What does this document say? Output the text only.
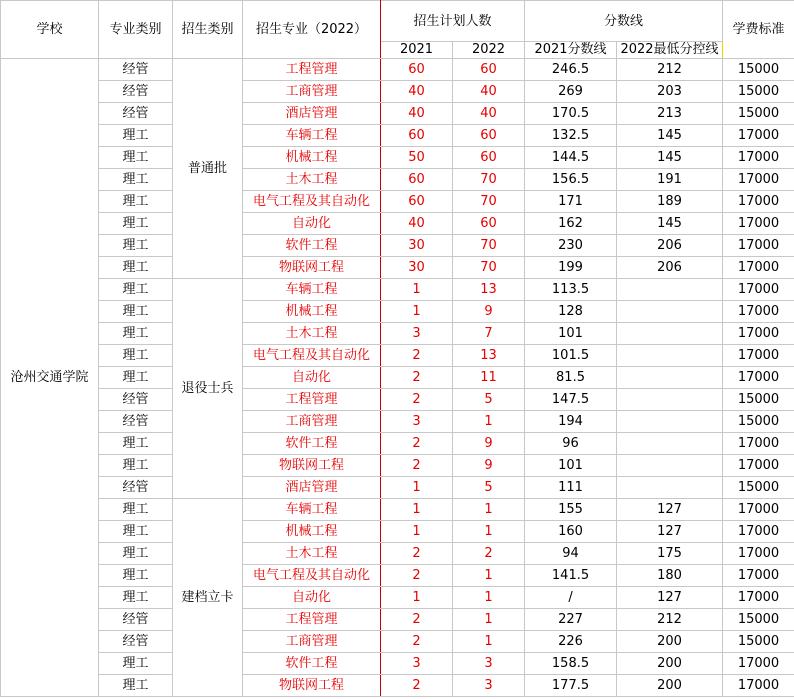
学校	专业类别	招生类别	招生专业（2022）	招生计划人数		分数线		学费标准
				2021	2022	2021分数线	2022最低分控线	
沧州交通学院	经管	普通批	工程管理	60	60	246.5	212	15000
	经管		工商管理	40	40	269	203	15000
	经管		酒店管理	40	40	170.5	213	15000
	理工		车辆工程	60	60	132.5	145	17000
	理工		机械工程	50	60	144.5	145	17000
	理工		土木工程	60	70	156.5	191	17000
	理工		电气工程及其自动化	60	70	171	189	17000
	理工		自动化	40	60	162	145	17000
	理工		软件工程	30	70	230	206	17000
	理工		物联网工程	30	70	199	206	17000
	理工	退役士兵	车辆工程	1	13	113.5		17000
	理工		机械工程	1	9	128		17000
	理工		土木工程	3	7	101		17000
	理工		电气工程及其自动化	2	13	101.5		17000
	理工		自动化	2	11	81.5		17000
	经管		工程管理	2	5	147.5		15000
	经管		工商管理	3	1	194		15000
	理工		软件工程	2	9	96		17000
	理工		物联网工程	2	9	101		17000
	经管		酒店管理	1	5	111		15000
	理工	建档立卡	车辆工程	1	1	155	127	17000
	理工		机械工程	1	1	160	127	17000
	理工		土木工程	2	2	94	175	17000
	理工		电气工程及其自动化	2	1	141.5	180	17000
	理工		自动化	1	1	/	127	17000
	经管		工程管理	2	1	227	212	15000
	经管		工商管理	2	1	226	200	15000
	理工		软件工程	3	3	158.5	200	17000
	理工		物联网工程	2	3	177.5	200	17000
